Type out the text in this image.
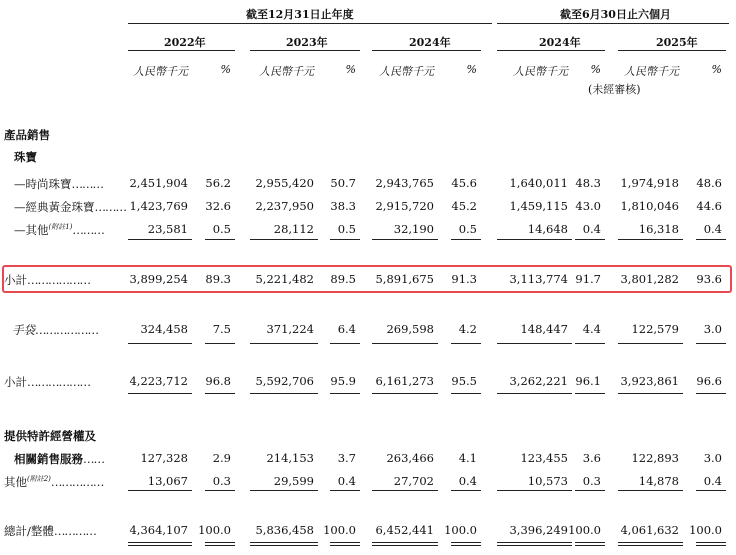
截至12月31日止年度	截至6月30日止六個月
2022年	2023年	2024年	2024年	2025年
人民幣千元	%	人民幣千元	%	人民幣千元	%	人民幣千元	%	人民幣千元	%
(未經審核)
產品銷售
珠寶
—時尚珠寶………	2,451,904	56.2	2,955,420	50.7	2,943,765	45.6	1,640,011 48.3	1,974,918	48.6
—經典黃金珠寶……… 1,423,769	32.6	2,237,950	38.3	2,915,720	45.2	1,459,115 43.0	1,810,046	44.6
—其他$^{(附註1)}$………	23,581	0.5	28,112	0.5	32,190	0.5	14,648	0.4	16,318	0.4
小計………………	3,899,254	89.3	5,221,482	89.5	5,891,675	91.3	3,113,774 91.7	3,801,282	93.6
手袋………………	324,458	7.5	371,224	6.4	269,598	4.2	148,447	4.4	122,579	3.0
小計………………	4,223,712	96.8	5,592,706	95.9	6,161,273	95.5	3,262,221 96.1	3,923,861	96.6
提供特許經營權及
相關銷售服務……	127,328	2.9	214,153	3.7	263,466	4.1	123,455	3.6	122,893	3.0
其他$^{(附註2)}$……………	13,067	0.3	29,599	0.4	27,702	0.4	10,573	0.3	14,878	0.4
總計/整體…………	4,364,107 100.0	5,836,458 100.0	6,452,441 100.0	3,396,249 100.0	4,061,632 100.0
